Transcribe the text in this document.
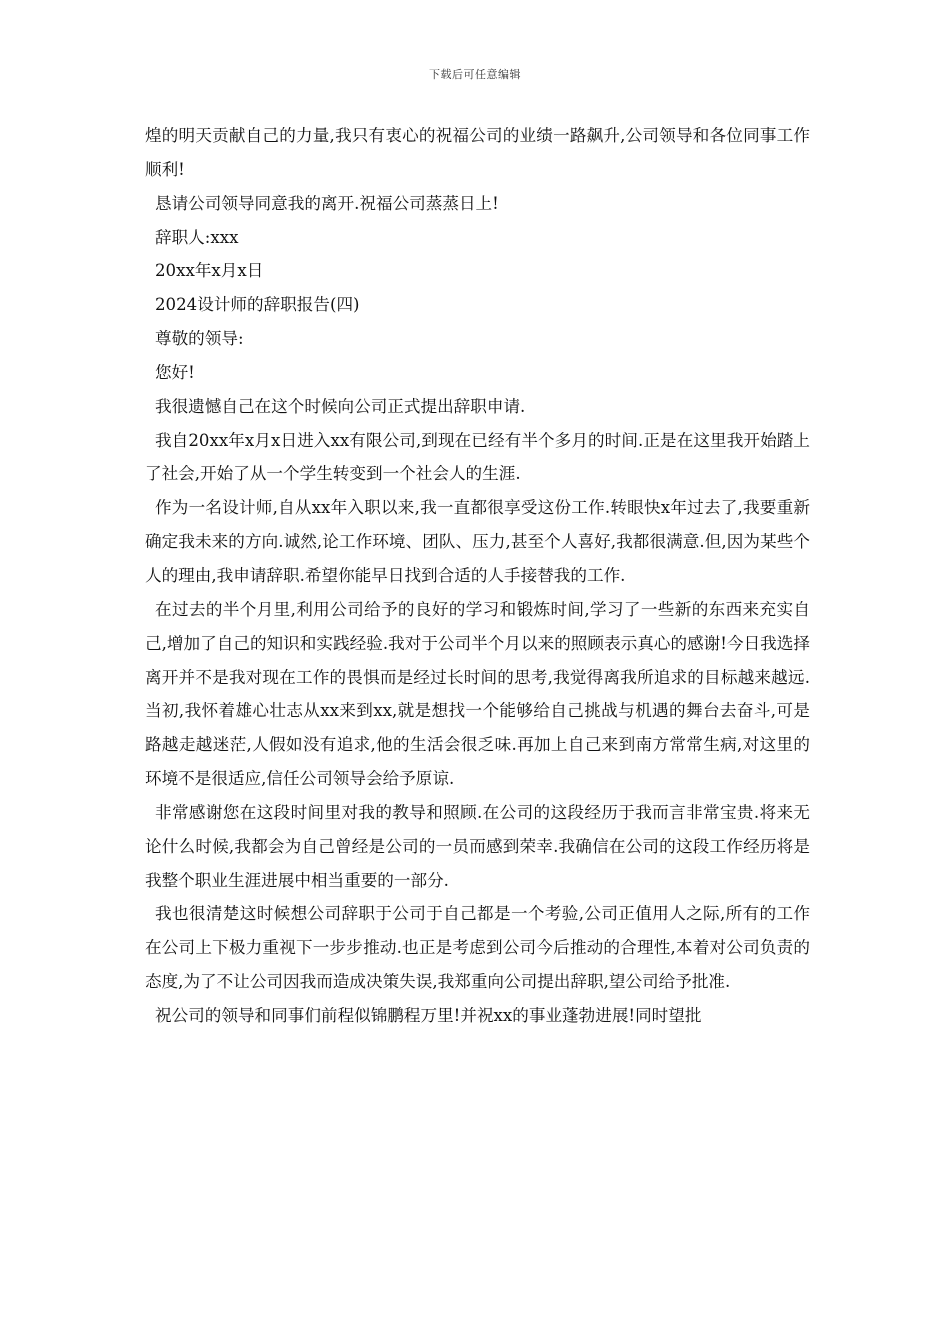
下载后可任意编辑

煌的明天贡献自己的力量,我只有衷心的祝福公司的业绩一路飙升,公司领导和各位同事工作顺利!

恳请公司领导同意我的离开.祝福公司蒸蒸日上!

辞职人:xxx

20xx年x月x日

2024设计师的辞职报告(四)

尊敬的领导:

您好!

我很遗憾自己在这个时候向公司正式提出辞职申请.

我自20xx年x月x日进入xx有限公司,到现在已经有半个多月的时间.正是在这里我开始踏上了社会,开始了从一个学生转变到一个社会人的生涯.

作为一名设计师,自从xx年入职以来,我一直都很享受这份工作.转眼快x年过去了,我要重新确定我未来的方向.诚然,论工作环境、团队、压力,甚至个人喜好,我都很满意.但,因为某些个人的理由,我申请辞职.希望你能早日找到合适的人手接替我的工作.

在过去的半个月里,利用公司给予的良好的学习和锻炼时间,学习了一些新的东西来充实自己,增加了自己的知识和实践经验.我对于公司半个月以来的照顾表示真心的感谢!今日我选择离开并不是我对现在工作的畏惧而是经过长时间的思考,我觉得离我所追求的目标越来越远.当初,我怀着雄心壮志从xx来到xx,就是想找一个能够给自己挑战与机遇的舞台去奋斗,可是路越走越迷茫,人假如没有追求,他的生活会很乏味.再加上自己来到南方常常生病,对这里的环境不是很适应,信任公司领导会给予原谅.

非常感谢您在这段时间里对我的教导和照顾.在公司的这段经历于我而言非常宝贵.将来无论什么时候,我都会为自己曾经是公司的一员而感到荣幸.我确信在公司的这段工作经历将是我整个职业生涯进展中相当重要的一部分.

我也很清楚这时候想公司辞职于公司于自己都是一个考验,公司正值用人之际,所有的工作在公司上下极力重视下一步步推动.也正是考虑到公司今后推动的合理性,本着对公司负责的态度,为了不让公司因我而造成决策失误,我郑重向公司提出辞职,望公司给予批准.

祝公司的领导和同事们前程似锦鹏程万里!并祝xx的事业蓬勃进展!同时望批
